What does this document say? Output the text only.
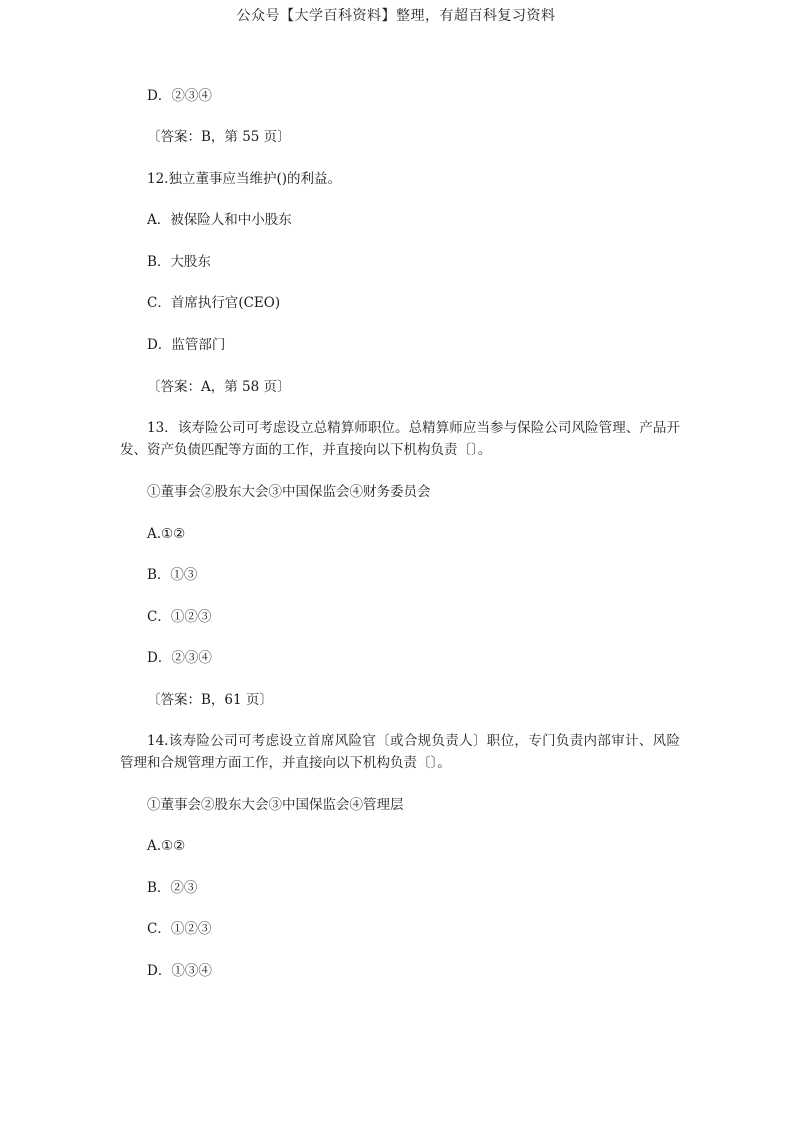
公众号【大学百科资料】整理，有超百科复习资料
D．②③④
〔答案：B，第 55 页〕
12.独立董事应当维护()的利益。
A．被保险人和中小股东
B．大股东
C．首席执行官(CEO)
D．监管部门
〔答案：A，第 58 页〕
13．该寿险公司可考虑设立总精算师职位。总精算师应当参与保险公司风险管理、产品开发、资产负债匹配等方面的工作，并直接向以下机构负责〔〕。
①董事会②股东大会③中国保监会④财务委员会
A.①②
B．①③
C．①②③
D．②③④
〔答案：B，61 页〕
14.该寿险公司可考虑设立首席风险官〔或合规负责人〕职位，专门负责内部审计、风险管理和合规管理方面工作，并直接向以下机构负责〔〕。
①董事会②股东大会③中国保监会④管理层
A.①②
B．②③
C．①②③
D．①③④
